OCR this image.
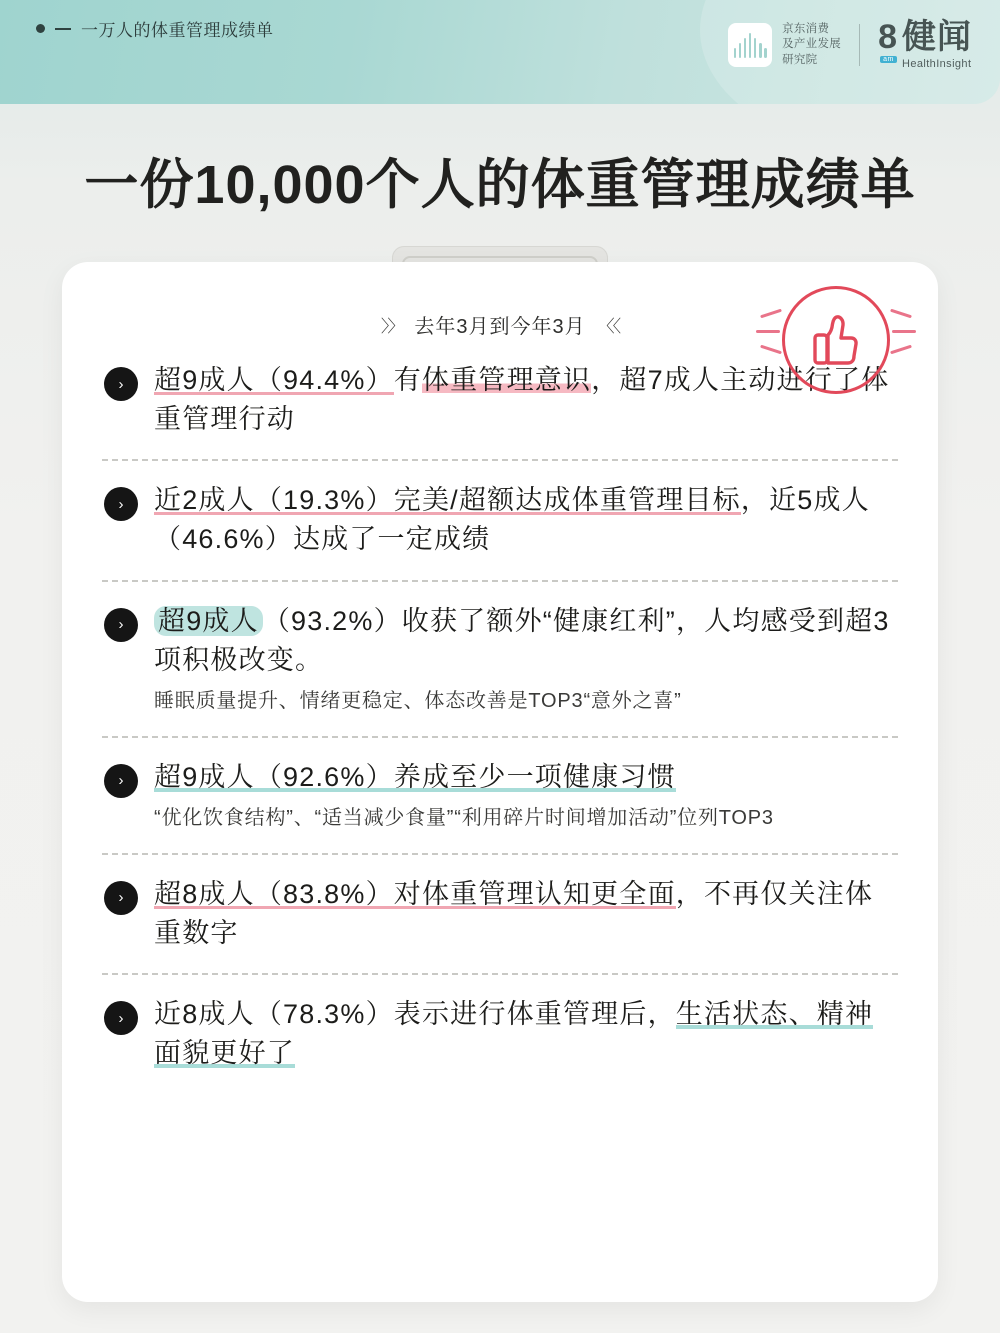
一万人的体重管理成绩单	京东消费
及产业发展
研究院
8
am
健闻
HealthInsight
一份10,000个人的体重管理成绩单
〉〉 去年3月到今年3月 〈〈
›	超9成人（94.4%）有体重管理意识，超7成人主动进行了体重管理行动
›	近2成人（19.3%）完美/超额达成体重管理目标，近5成人（46.6%）达成了一定成绩
›	超9成人 （93.2%）收获了额外“健康红利”，人均感受到超3项积极改变。
睡眠质量提升、情绪更稳定、体态改善是TOP3“意外之喜”
›	超9成人（92.6%）养成至少一项健康习惯
“优化饮食结构”、“适当减少食量”“利用碎片时间增加活动”位列TOP3
›	超8成人（83.8%）对体重管理认知更全面，不再仅关注体重数字
›	近8成人（78.3%）表示进行体重管理后，生活状态、精神面貌更好了
